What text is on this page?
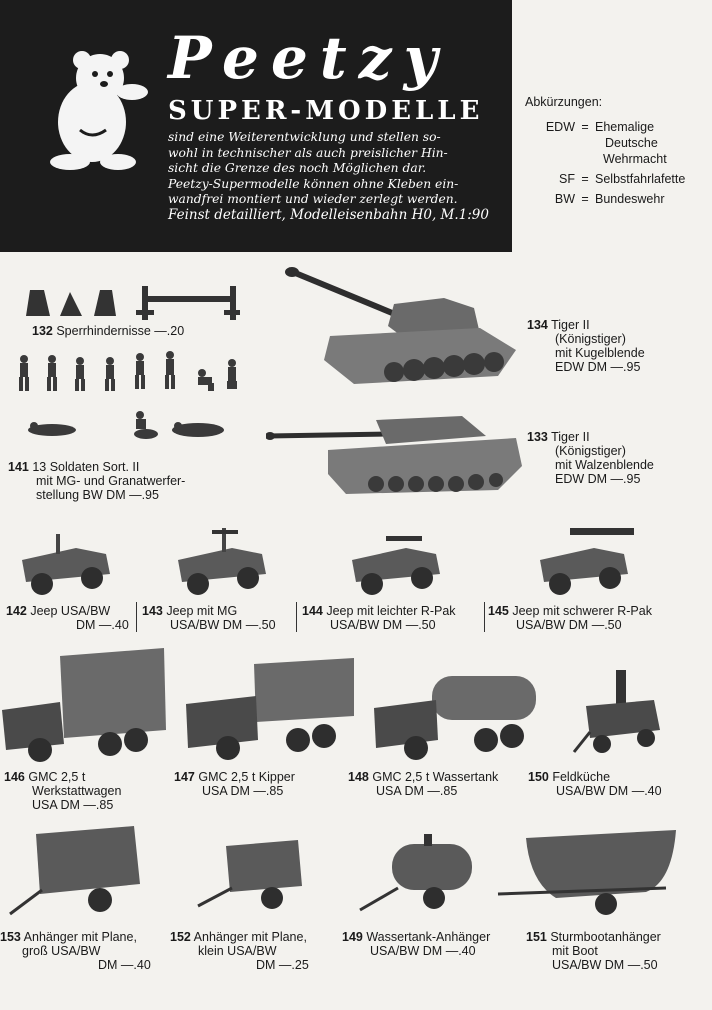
Peetzy
SUPER-MODELLE
sind eine Weiterentwicklung und stellen so-
wohl in technischer als auch preislicher Hin-
sicht die Grenze des noch Möglichen dar.
Peetzy-Supermodelle können ohne Kleben ein-
wandfrei montiert und wieder zerlegt werden.
Feinst detailliert, Modelleisenbahn H0, M.1:90
Abkürzungen:
EDW = Ehemalige
Deutsche
Wehrmacht
SF = Selbstfahrlafette
BW = Bundeswehr
132 Sperrhindernisse —.20	134 Tiger II
(Königstiger)
mit Kugelblende
EDW DM —.95
133 Tiger II
(Königstiger)
mit Walzenblende
EDW DM —.95
141 13 Soldaten Sort. II
mit MG- und Granatwerfer-
stellung BW DM —.95
142 Jeep USA/BW
DM —.40
143 Jeep mit MG
USA/BW DM —.50
144 Jeep mit leichter R-Pak
USA/BW DM —.50
145 Jeep mit schwerer R-Pak
USA/BW DM —.50
146 GMC 2,5 t
Werkstattwagen
USA DM —.85
147 GMC 2,5 t Kipper
USA DM —.85
148 GMC 2,5 t Wassertank
USA DM —.85
150 Feldküche
USA/BW DM —.40
153 Anhänger mit Plane,
groß USA/BW
DM —.40
152 Anhänger mit Plane,
klein USA/BW
DM —.25
149 Wassertank-Anhänger
USA/BW DM —.40
151 Sturmbootanhänger
mit Boot
USA/BW DM —.50
